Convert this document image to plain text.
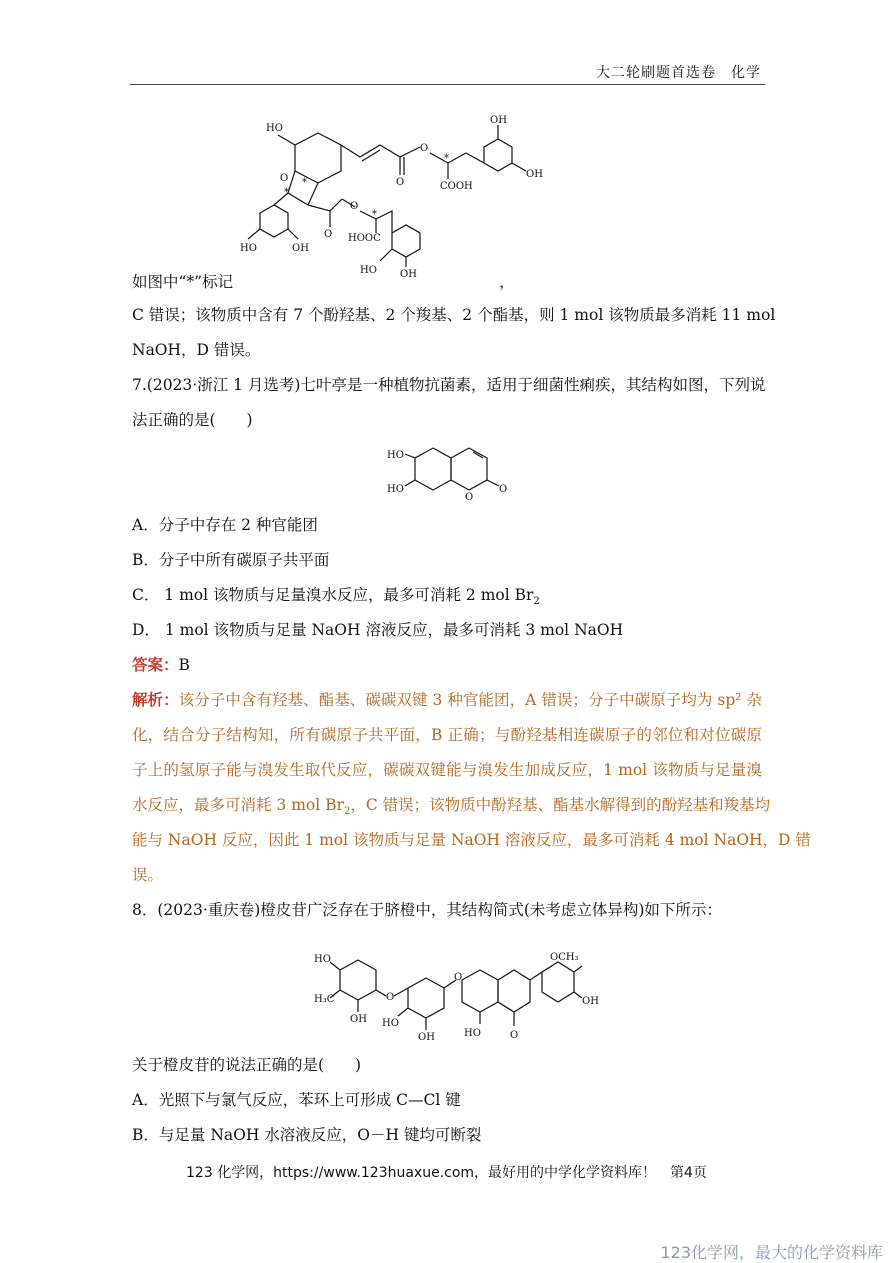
大二轮刷题首选卷　化学
HO
OH
OH
O
O
O	COOH
O
O
HOOC
HO	OH
HO OH
*
*
*
*
如图中“*”标记	，
C 错误；该物质中含有 7 个酚羟基、2 个羧基、2 个酯基，则 1 mol 该物质最多消耗 11 mol
NaOH，D 错误。
7.(2023·浙江 1 月选考)七叶亭是一种植物抗菌素，适用于细菌性痢疾，其结构如图，下列说
法正确的是(　　)
HO
HO
O
O
A．分子中存在 2 种官能团
B．分子中所有碳原子共平面
C． 1 mol 该物质与足量溴水反应，最多可消耗 2 mol $Br_2$
D． 1 mol 该物质与足量 NaOH 溶液反应，最多可消耗 3 mol NaOH
答案：B
解析：该分子中含有羟基、酯基、碳碳双键 3 种官能团，A 错误；分子中碳原子均为 sp² 杂
化，结合分子结构知，所有碳原子共平面，B 正确；与酚羟基相连碳原子的邻位和对位碳原
子上的氢原子能与溴发生取代反应，碳碳双键能与溴发生加成反应，1 mol 该物质与足量溴
水反应，最多可消耗 3 mol $Br_2$，C 错误；该物质中酚羟基、酯基水解得到的酚羟基和羧基均
能与 NaOH 反应，因此 1 mol 该物质与足量 NaOH 溶液反应，最多可消耗 4 mol NaOH，D 错
误。
8．(2023·重庆卷)橙皮苷广泛存在于脐橙中，其结构简式(未考虑立体异构)如下所示：
HO
H₃C
OH
O
HO
OH
O
HO	O
OCH₃
OH
关于橙皮苷的说法正确的是(　　)
A．光照下与氯气反应，苯环上可形成 C—Cl 键
B．与足量 NaOH 水溶液反应，O－H 键均可断裂
123 化学网，https://www.123huaxue.com，最好用的中学化学资料库！　第4页
123化学网，最大的化学资料库
